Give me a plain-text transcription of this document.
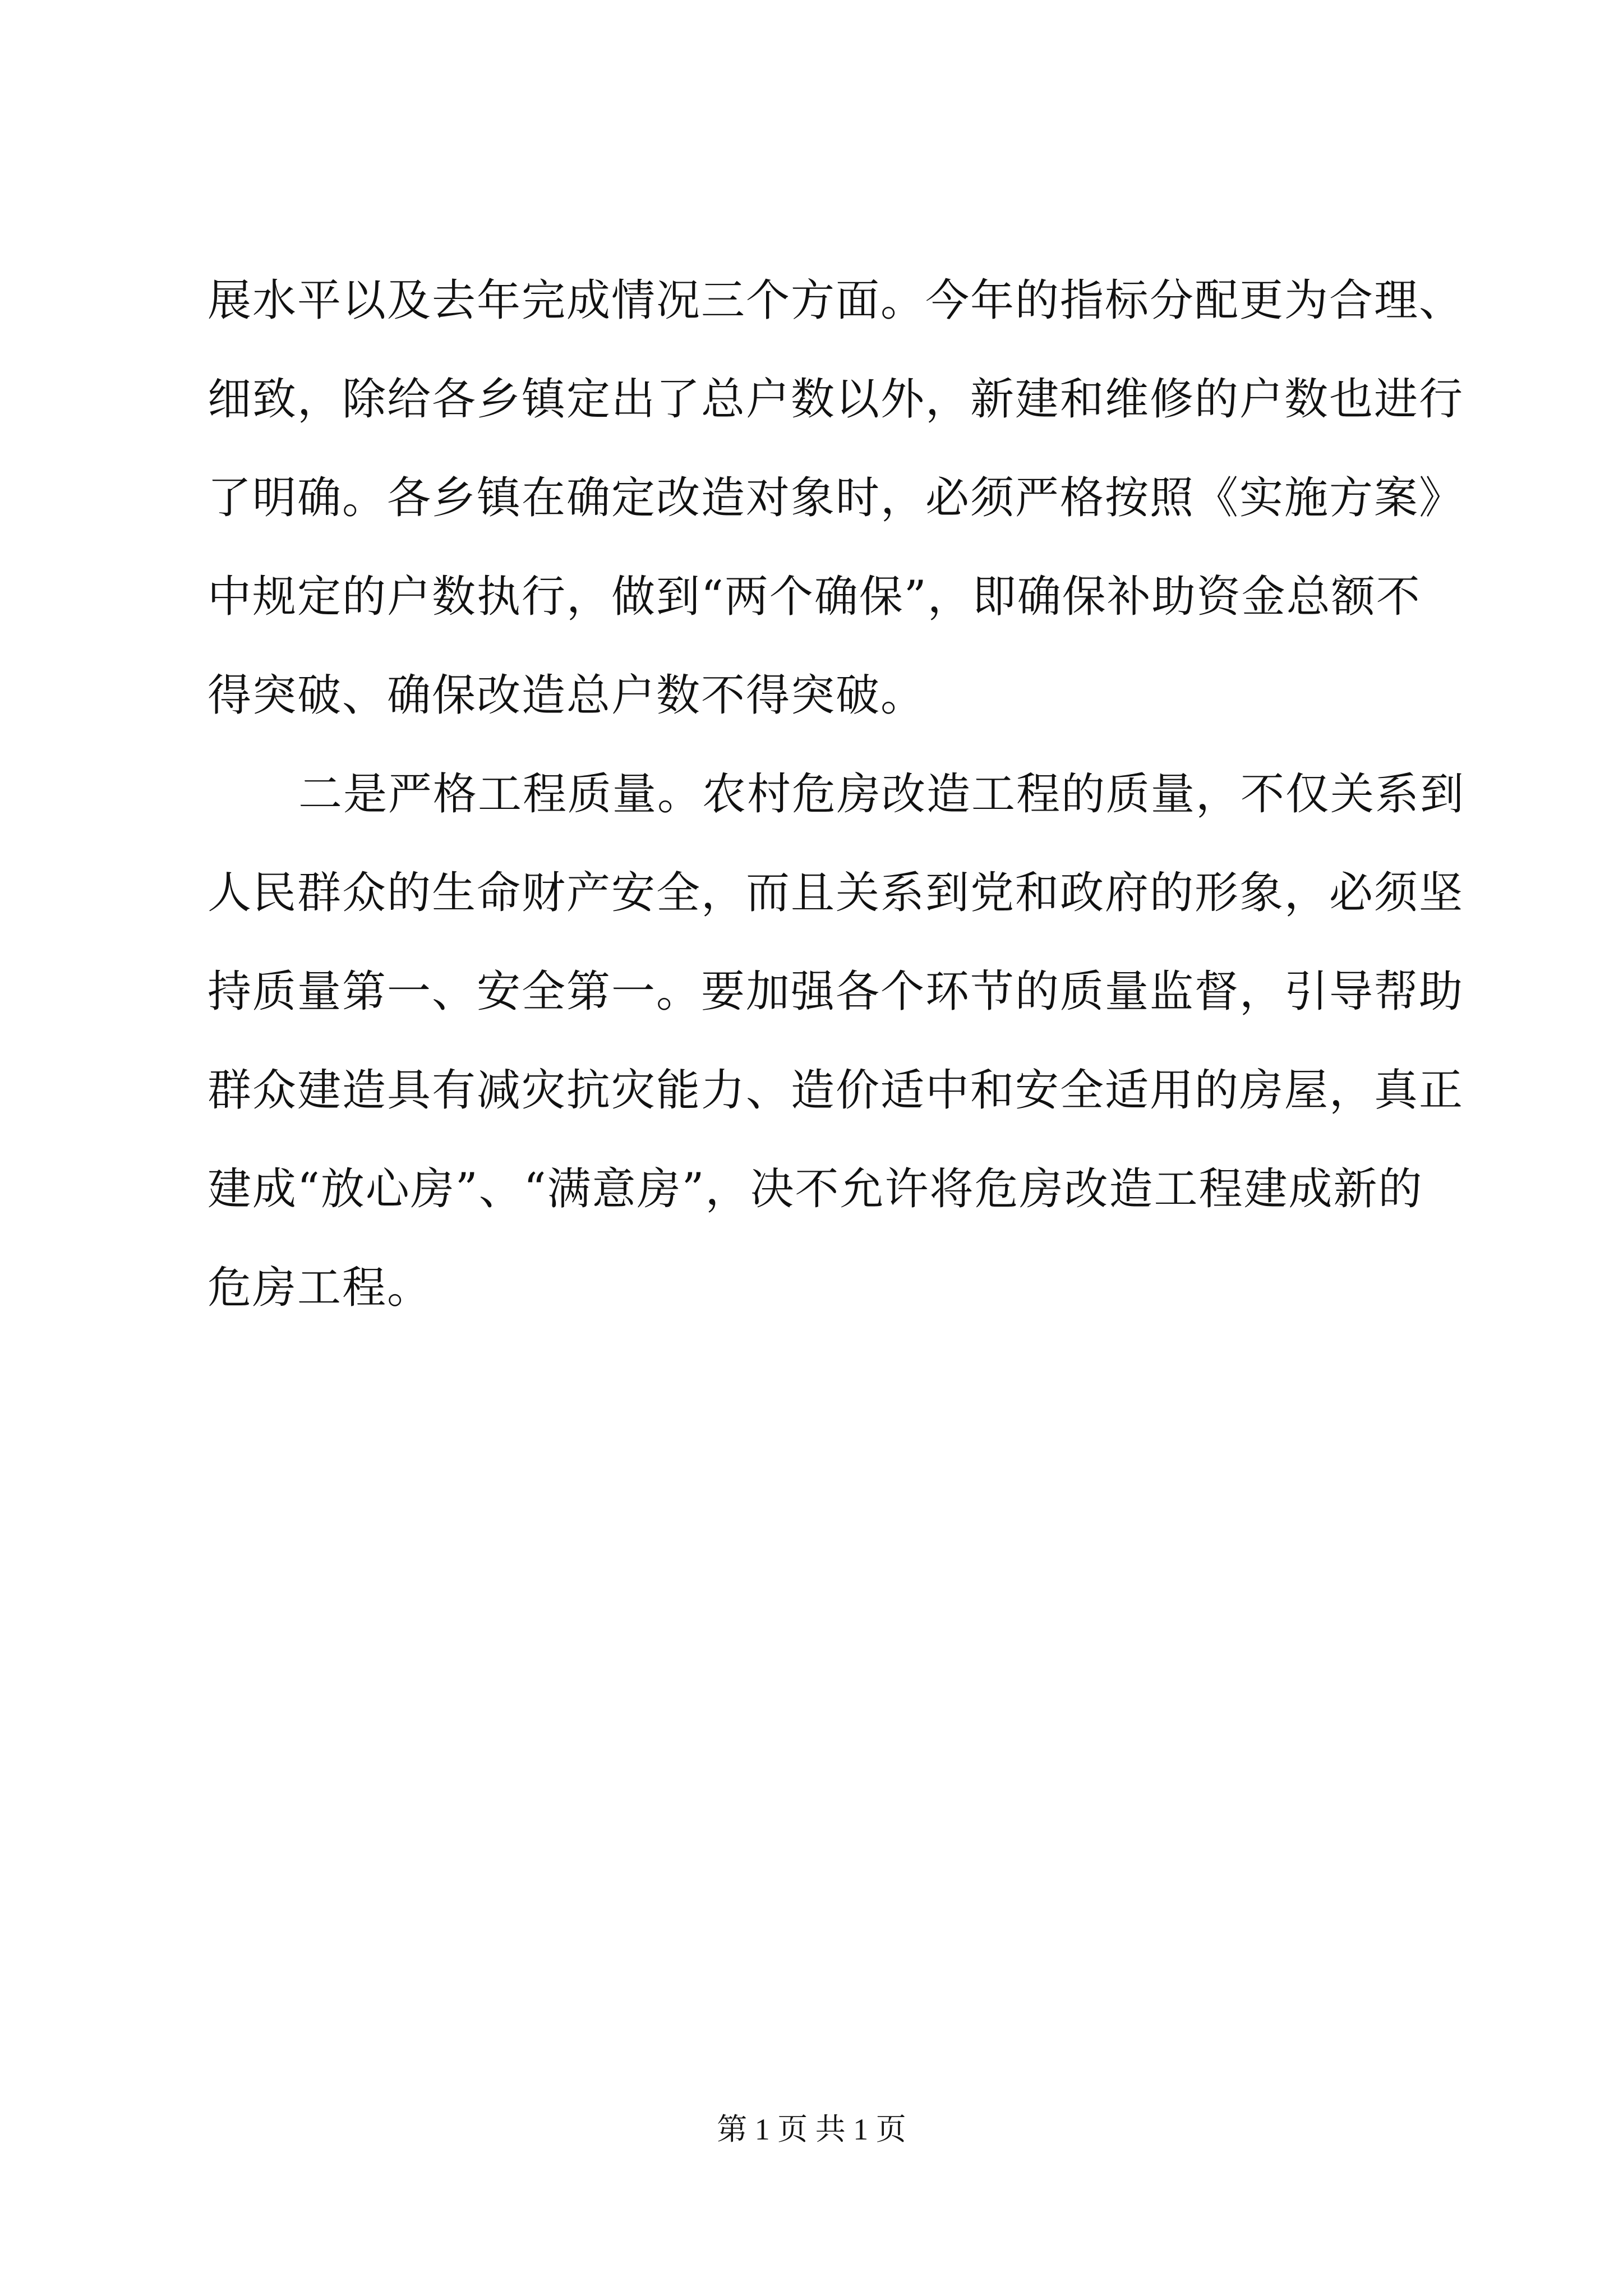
展水平以及去年完成情况三个方面。今年的指标分配更为合理、
细致，除给各乡镇定出了总户数以外，新建和维修的户数也进行
了明确。各乡镇在确定改造对象时，必须严格按照《实施方案》
中规定的户数执行，做到“两个确保”，即确保补助资金总额不
得突破、确保改造总户数不得突破。
二是严格工程质量。农村危房改造工程的质量，不仅关系到
人民群众的生命财产安全，而且关系到党和政府的形象，必须坚
持质量第一、安全第一。要加强各个环节的质量监督，引导帮助
群众建造具有减灾抗灾能力、造价适中和安全适用的房屋，真正
建成“放心房”、“满意房”，决不允许将危房改造工程建成新的
危房工程。
第 1 页 共 1 页
